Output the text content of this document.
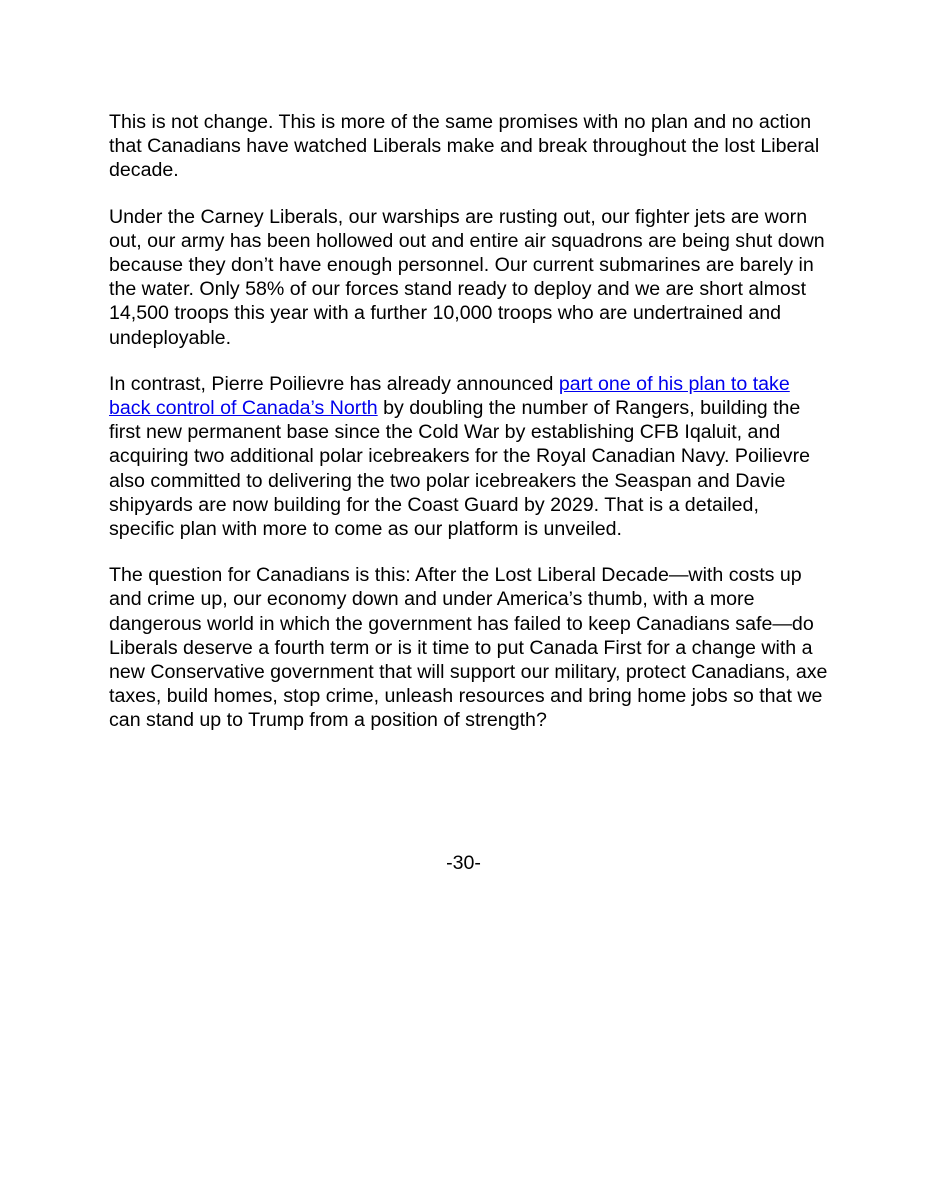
This is not change. This is more of the same promises with no plan and no action that Canadians have watched Liberals make and break throughout the lost Liberal decade.

Under the Carney Liberals, our warships are rusting out, our fighter jets are worn out, our army has been hollowed out and entire air squadrons are being shut down because they don’t have enough personnel. Our current submarines are barely in the water. Only 58% of our forces stand ready to deploy and we are short almost 14,500 troops this year with a further 10,000 troops who are undertrained and undeployable.

In contrast, Pierre Poilievre has already announced part one of his plan to take back control of Canada’s North by doubling the number of Rangers, building the first new permanent base since the Cold War by establishing CFB Iqaluit, and acquiring two additional polar icebreakers for the Royal Canadian Navy. Poilievre also committed to delivering the two polar icebreakers the Seaspan and Davie shipyards are now building for the Coast Guard by 2029. That is a detailed, specific plan with more to come as our platform is unveiled.

The question for Canadians is this: After the Lost Liberal Decade—with costs up and crime up, our economy down and under America’s thumb, with a more dangerous world in which the government has failed to keep Canadians safe—do Liberals deserve a fourth term or is it time to put Canada First for a change with a new Conservative government that will support our military, protect Canadians, axe taxes, build homes, stop crime, unleash resources and bring home jobs so that we can stand up to Trump from a position of strength?

-30-
